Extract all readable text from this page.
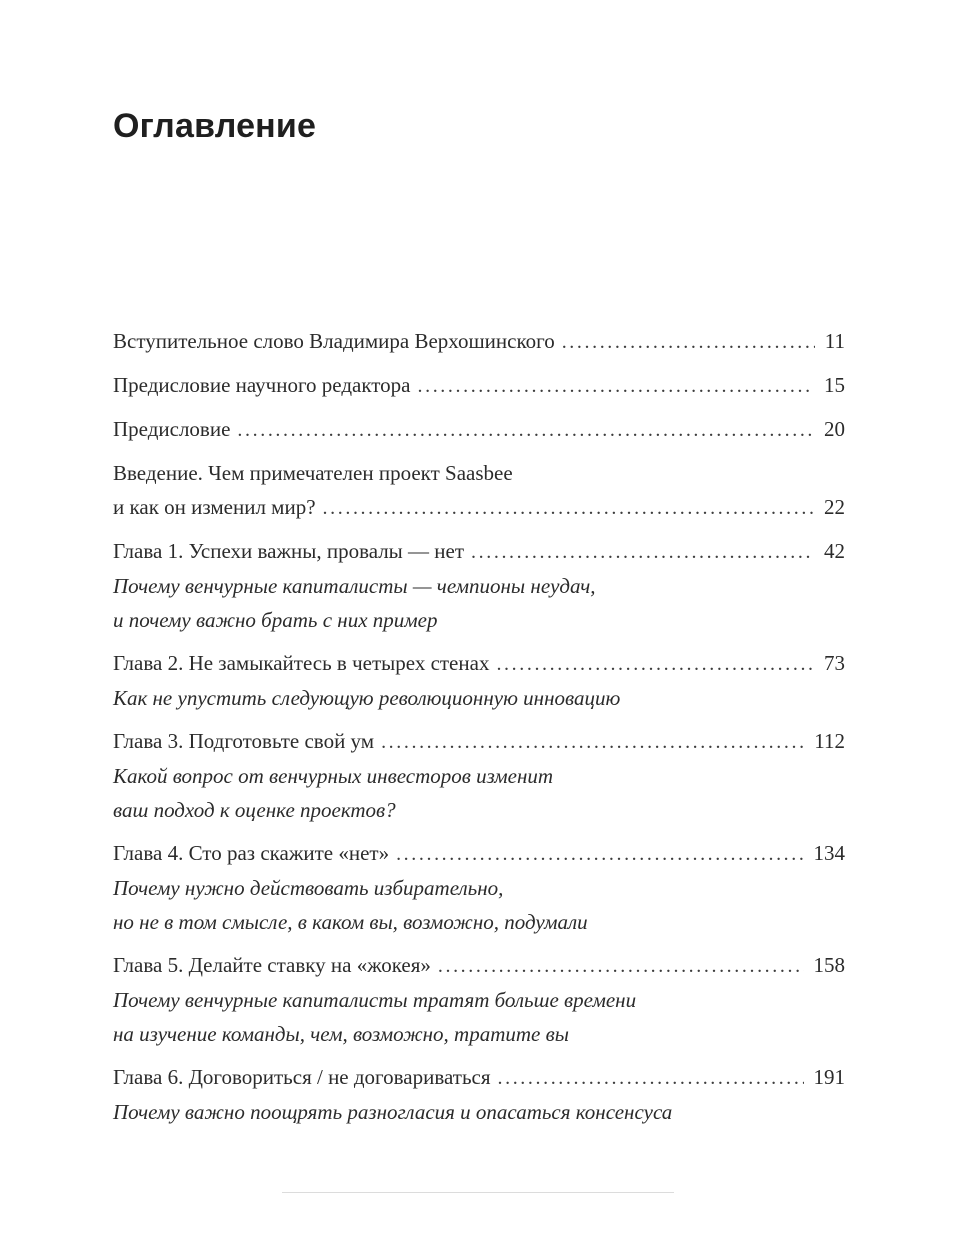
Оглавление
Вступительное слово Владимира Верхошинского .....	11
Предисловие научного редактора .....	15
Предисловие .....	20
Введение. Чем примечателен проект Saasbee
и как он изменил мир? .....	22
Глава 1. Успехи важны, провалы — нет .....	42
Почему венчурные капиталисты — чемпионы неудач,
и почему важно брать с них пример
Глава 2. Не замыкайтесь в четырех стенах .....	73
Как не упустить следующую революционную инновацию
Глава 3. Подготовьте свой ум .....	112
Какой вопрос от венчурных инвесторов изменит
ваш подход к оценке проектов?
Глава 4. Сто раз скажите «нет» .....	134
Почему нужно действовать избирательно,
но не в том смысле, в каком вы, возможно, подумали
Глава 5. Делайте ставку на «жокея» .....	158
Почему венчурные капиталисты тратят больше времени
на изучение команды, чем, возможно, тратите вы
Глава 6. Договориться / не договариваться .....	191
Почему важно поощрять разногласия и опасаться консенсуса
